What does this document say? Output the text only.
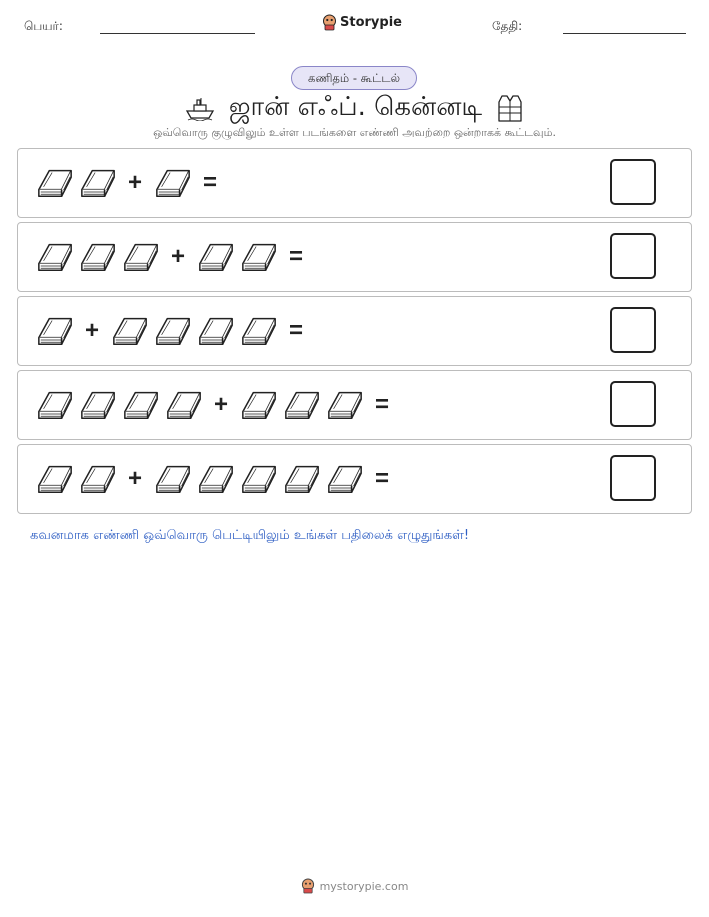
பெயர்:	Storypie	தேதி:
கணிதம் - கூட்டல்
ஜான் எஃப். கென்னடி
ஒவ்வொரு குழுவிலும் உள்ள படங்களை எண்ணி அவற்றை ஒன்றாகக் கூட்டவும்.
+	=
+	=
+	=
+	=
+	=
கவனமாக எண்ணி ஒவ்வொரு பெட்டியிலும் உங்கள் பதிலைக் எழுதுங்கள்!
mystorypie.com
